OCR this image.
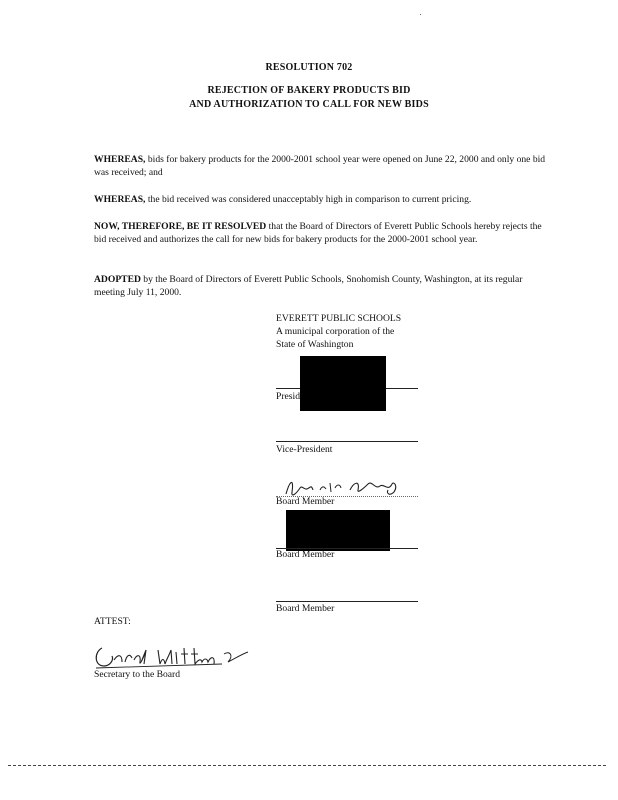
RESOLUTION 702
REJECTION OF BAKERY PRODUCTS BID
AND AUTHORIZATION TO CALL FOR NEW BIDS
WHEREAS, bids for bakery products for the 2000-2001 school year were opened on June 22, 2000 and only one bid was received; and
WHEREAS, the bid received was considered unacceptably high in comparison to current pricing.
NOW, THEREFORE, BE IT RESOLVED that the Board of Directors of Everett Public Schools hereby rejects the bid received and authorizes the call for new bids for bakery products for the 2000-2001 school year.
ADOPTED by the Board of Directors of Everett Public Schools, Snohomish County, Washington, at its regular meeting July 11, 2000.
EVERETT PUBLIC SCHOOLS
A municipal corporation of the
State of Washington
Presid
Vice-President
Board Member
Board Member
Board Member
ATTEST:
Secretary to the Board
